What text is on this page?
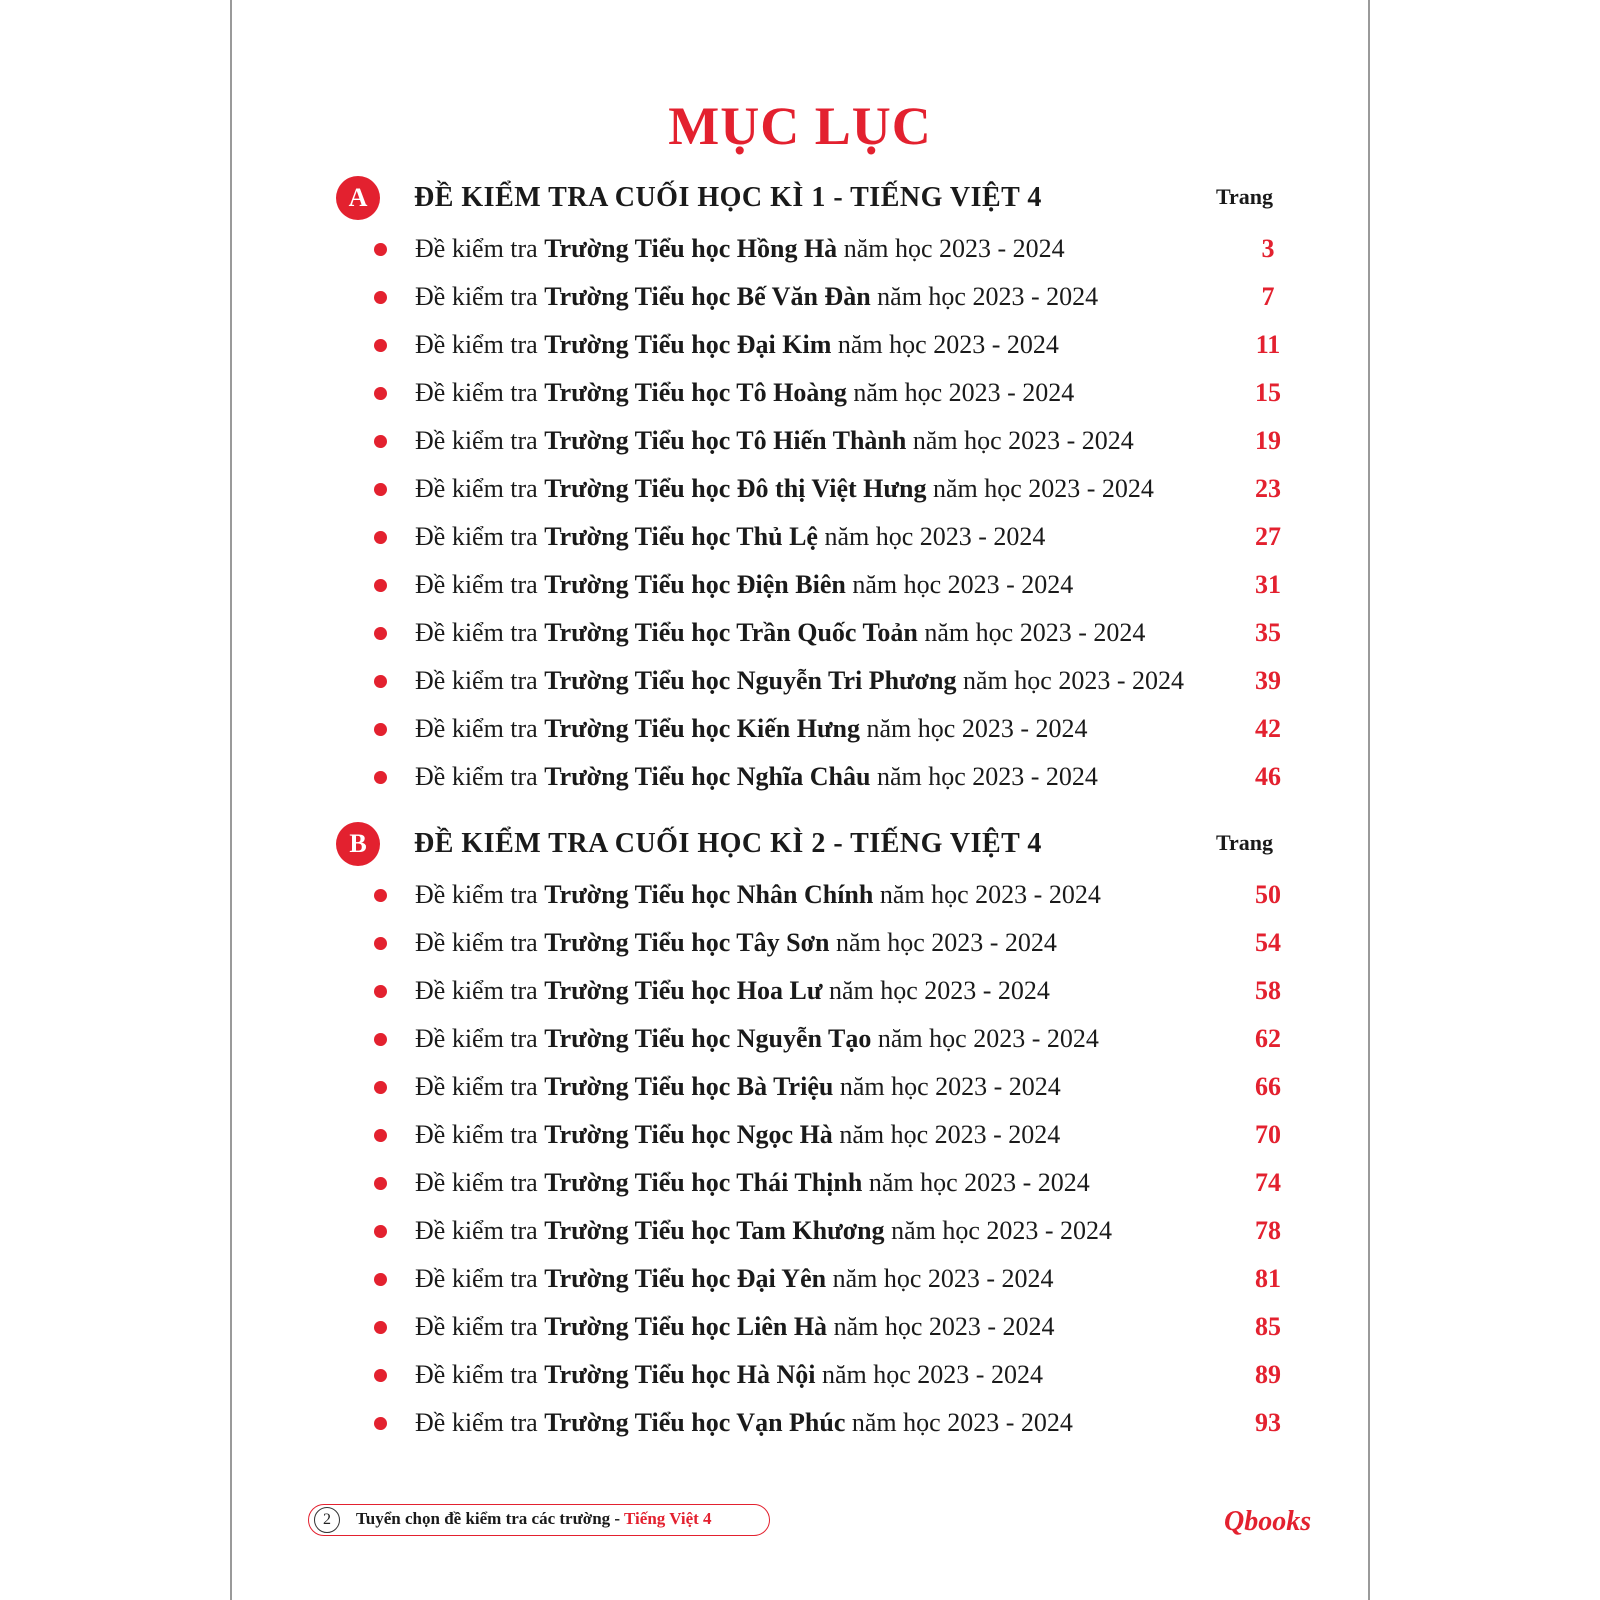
MỤC LỤC
A	ĐỀ KIỂM TRA CUỐI HỌC KÌ 1 - TIẾNG VIỆT 4	Trang
Đề kiểm tra Trường Tiểu học Hồng Hà năm học 2023 - 2024	3
Đề kiểm tra Trường Tiểu học Bế Văn Đàn năm học 2023 - 2024	7
Đề kiểm tra Trường Tiểu học Đại Kim năm học 2023 - 2024	11
Đề kiểm tra Trường Tiểu học Tô Hoàng năm học 2023 - 2024	15
Đề kiểm tra Trường Tiểu học Tô Hiến Thành năm học 2023 - 2024	19
Đề kiểm tra Trường Tiểu học Đô thị Việt Hưng năm học 2023 - 2024	23
Đề kiểm tra Trường Tiểu học Thủ Lệ năm học 2023 - 2024	27
Đề kiểm tra Trường Tiểu học Điện Biên năm học 2023 - 2024	31
Đề kiểm tra Trường Tiểu học Trần Quốc Toản năm học 2023 - 2024	35
Đề kiểm tra Trường Tiểu học Nguyễn Tri Phương năm học 2023 - 2024	39
Đề kiểm tra Trường Tiểu học Kiến Hưng năm học 2023 - 2024	42
Đề kiểm tra Trường Tiểu học Nghĩa Châu năm học 2023 - 2024	46
B	ĐỀ KIỂM TRA CUỐI HỌC KÌ 2 - TIẾNG VIỆT 4	Trang
Đề kiểm tra Trường Tiểu học Nhân Chính năm học 2023 - 2024	50
Đề kiểm tra Trường Tiểu học Tây Sơn năm học 2023 - 2024	54
Đề kiểm tra Trường Tiểu học Hoa Lư năm học 2023 - 2024	58
Đề kiểm tra Trường Tiểu học Nguyễn Tạo năm học 2023 - 2024	62
Đề kiểm tra Trường Tiểu học Bà Triệu năm học 2023 - 2024	66
Đề kiểm tra Trường Tiểu học Ngọc Hà năm học 2023 - 2024	70
Đề kiểm tra Trường Tiểu học Thái Thịnh năm học 2023 - 2024	74
Đề kiểm tra Trường Tiểu học Tam Khương năm học 2023 - 2024	78
Đề kiểm tra Trường Tiểu học Đại Yên năm học 2023 - 2024	81
Đề kiểm tra Trường Tiểu học Liên Hà năm học 2023 - 2024	85
Đề kiểm tra Trường Tiểu học Hà Nội năm học 2023 - 2024	89
Đề kiểm tra Trường Tiểu học Vạn Phúc năm học 2023 - 2024	93
2	Tuyển chọn đề kiểm tra các trường - Tiếng Việt 4	Qbooks
